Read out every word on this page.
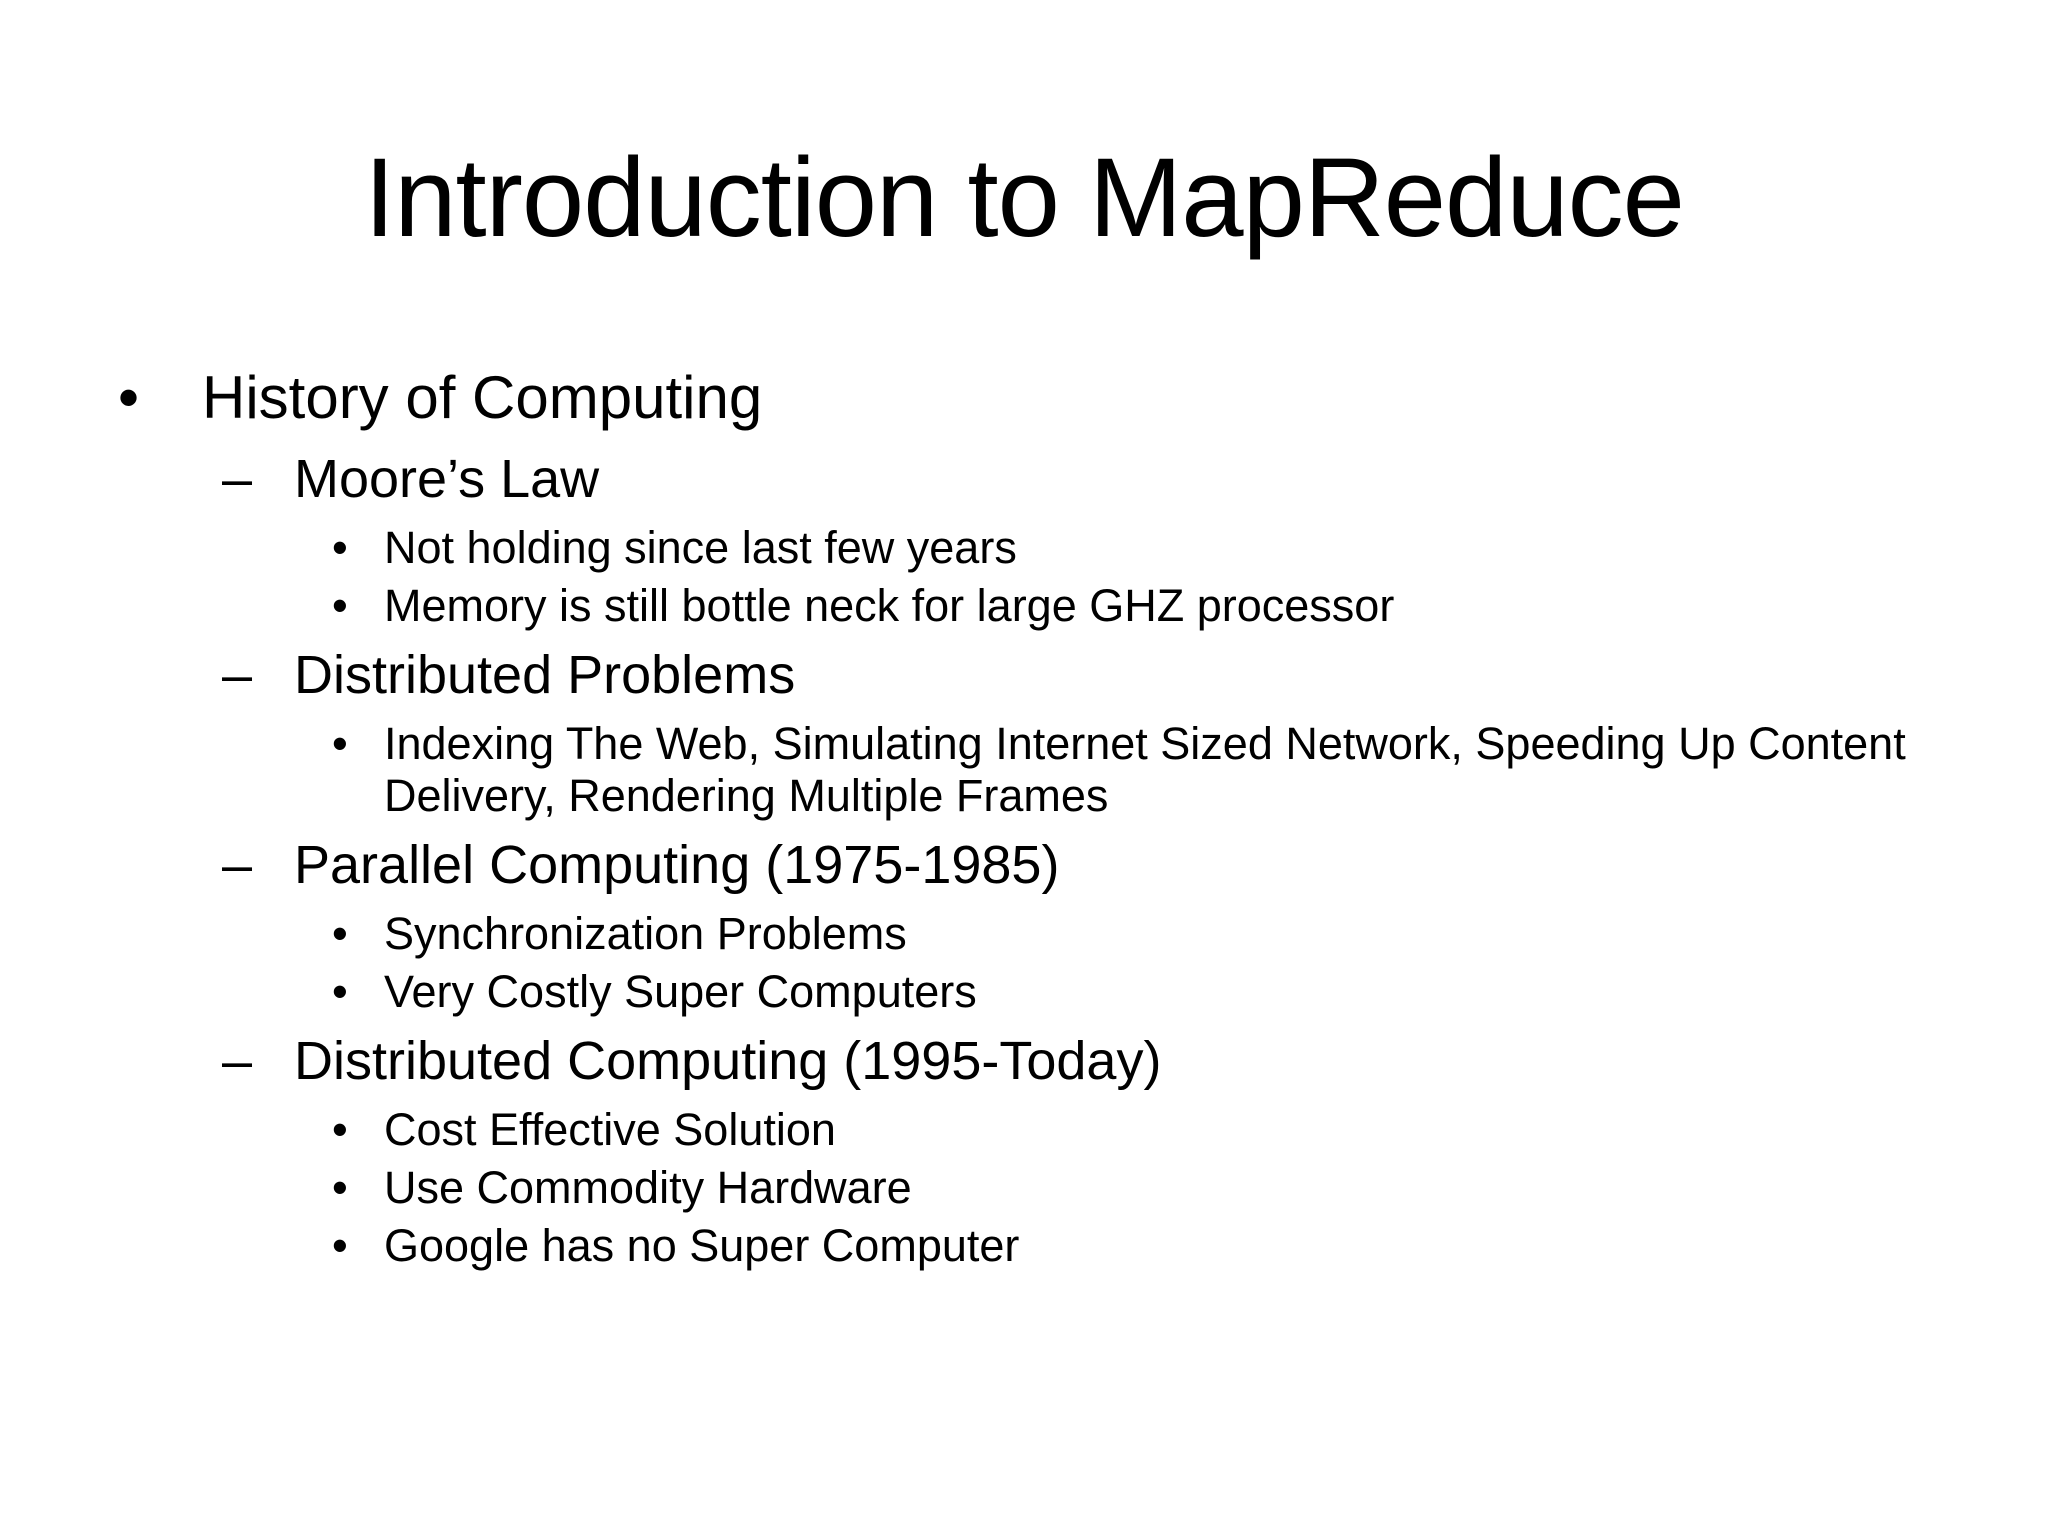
Introduction to MapReduce
• History of Computing
– Moore’s Law
• Not holding since last few years
• Memory is still bottle neck for large GHZ processor
– Distributed Problems
• Indexing The Web, Simulating Internet Sized Network, Speeding Up Content Delivery, Rendering Multiple Frames
– Parallel Computing (1975-1985)
• Synchronization Problems
• Very Costly Super Computers
– Distributed Computing (1995-Today)
• Cost Effective Solution
• Use Commodity Hardware
• Google has no Super Computer
